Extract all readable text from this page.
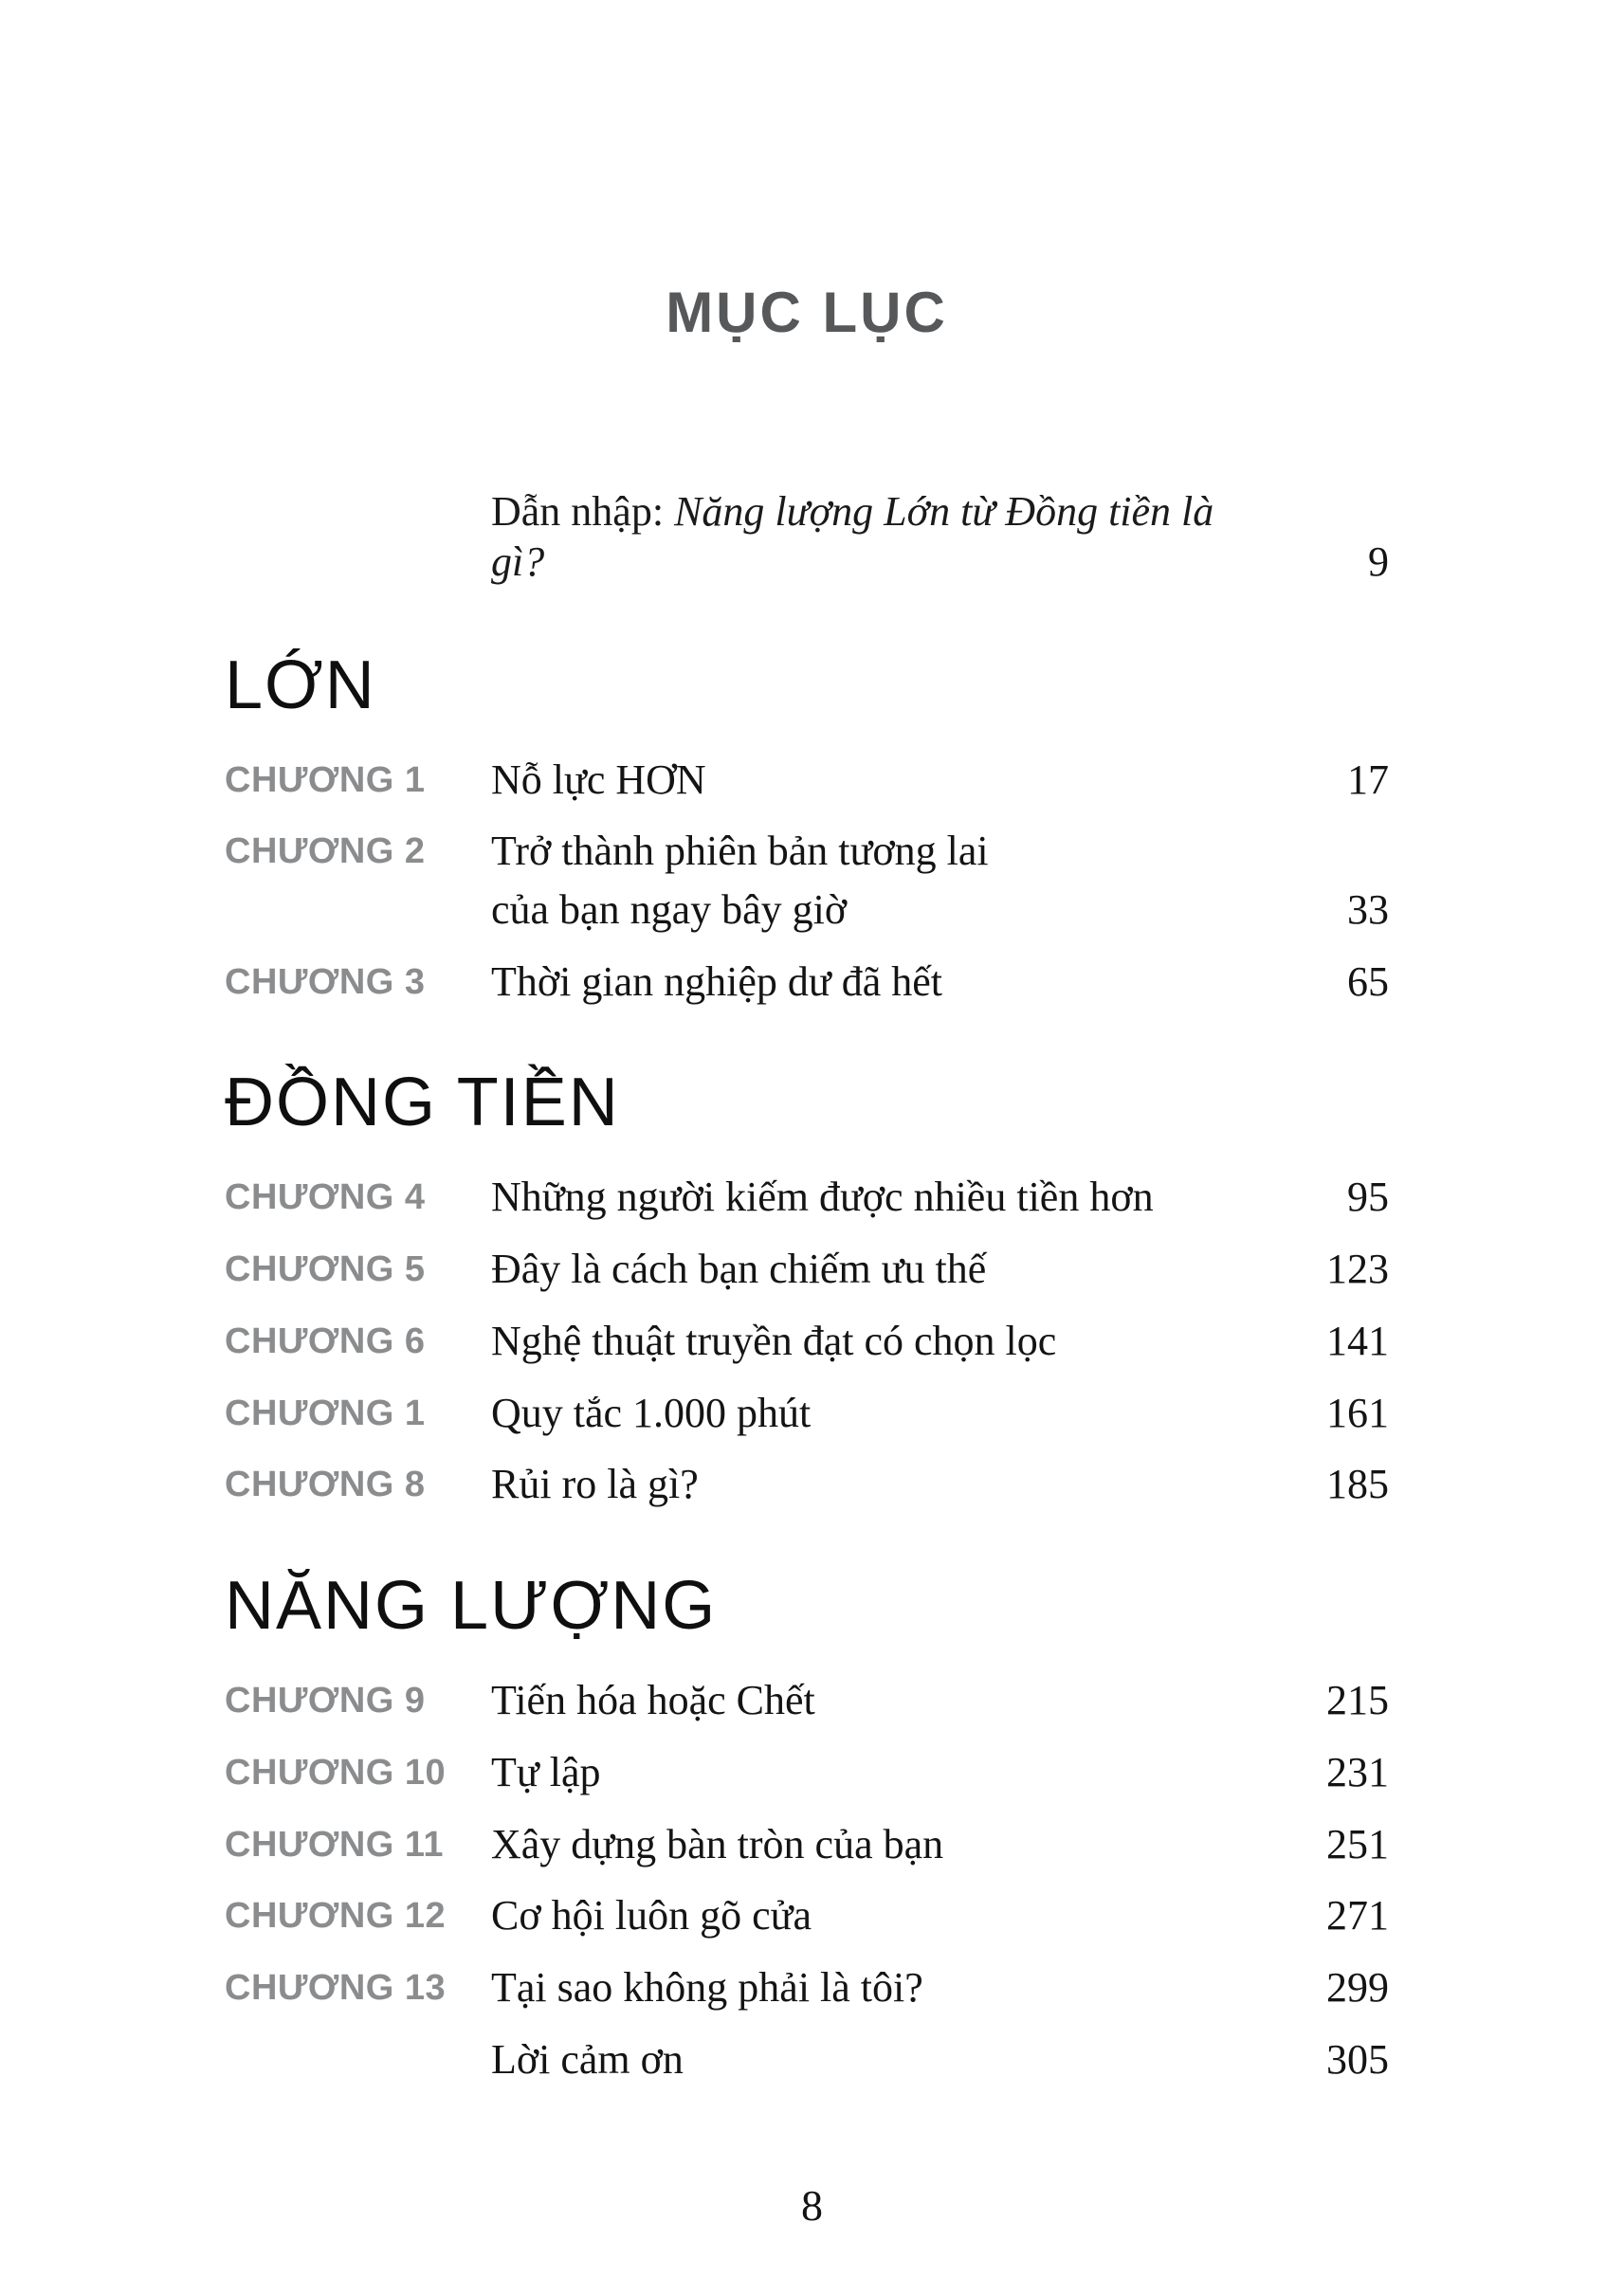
MỤC LỤC
Dẫn nhập: Năng lượng Lớn từ Đồng tiền là gì?	9
LỚN
CHƯƠNG 1	Nỗ lực HƠN	17
CHƯƠNG 2	Trở thành phiên bản tương lai
của bạn ngay bây giờ	33
CHƯƠNG 3	Thời gian nghiệp dư đã hết	65
ĐỒNG TIỀN
CHƯƠNG 4	Những người kiếm được nhiều tiền hơn	95
CHƯƠNG 5	Đây là cách bạn chiếm ưu thế	123
CHƯƠNG 6	Nghệ thuật truyền đạt có chọn lọc	141
CHƯƠNG 1	Quy tắc 1.000 phút	161
CHƯƠNG 8	Rủi ro là gì?	185
NĂNG LƯỢNG
CHƯƠNG 9	Tiến hóa hoặc Chết	215
CHƯƠNG 10	Tự lập	231
CHƯƠNG 11	Xây dựng bàn tròn của bạn	251
CHƯƠNG 12	Cơ hội luôn gõ cửa	271
CHƯƠNG 13	Tại sao không phải là tôi?	299
Lời cảm ơn	305
8
